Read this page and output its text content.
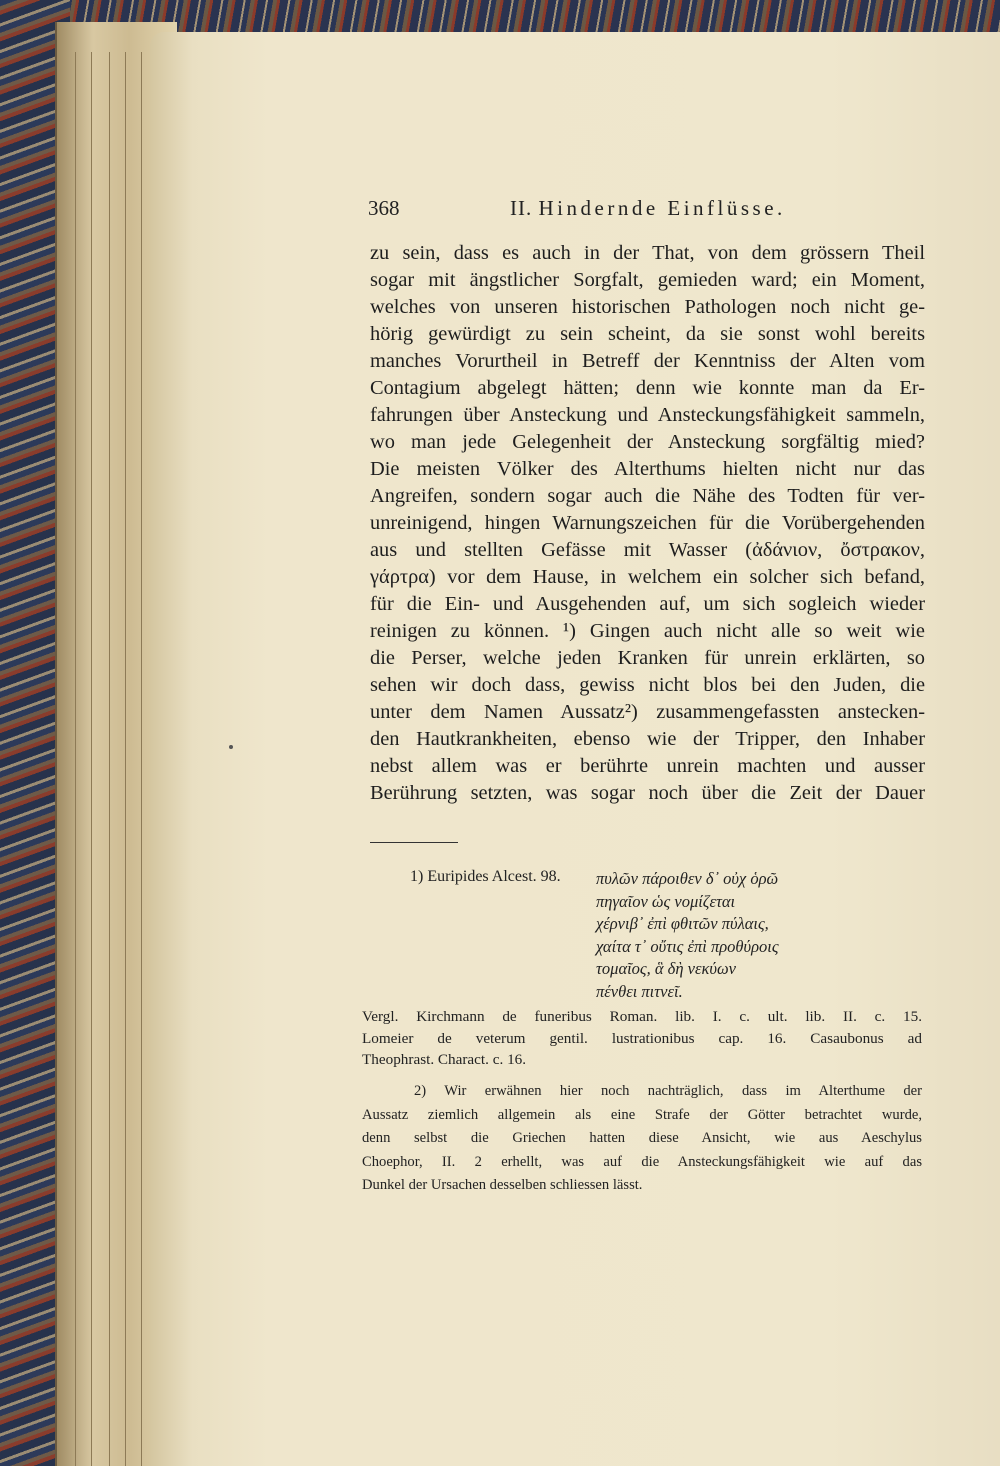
368	II. Hindernde Einflüsse.
zu sein, dass es auch in der That, von dem grössern Theil
sogar mit ängstlicher Sorgfalt, gemieden ward; ein Moment,
welches von unseren historischen Pathologen noch nicht ge-
hörig gewürdigt zu sein scheint, da sie sonst wohl bereits
manches Vorurtheil in Betreff der Kenntniss der Alten vom
Contagium abgelegt hätten; denn wie konnte man da Er-
fahrungen über Ansteckung und Ansteckungsfähigkeit sammeln,
wo man jede Gelegenheit der Ansteckung sorgfältig mied?
Die meisten Völker des Alterthums hielten nicht nur das
Angreifen, sondern sogar auch die Nähe des Todten für ver-
unreinigend, hingen Warnungszeichen für die Vorübergehenden
aus und stellten Gefässe mit Wasser (ἀδάνιον, ὄστρακον,
γάρτρα) vor dem Hause, in welchem ein solcher sich befand,
für die Ein- und Ausgehenden auf, um sich sogleich wieder
reinigen zu können. ¹) Gingen auch nicht alle so weit wie
die Perser, welche jeden Kranken für unrein erklärten, so
sehen wir doch dass, gewiss nicht blos bei den Juden, die
unter dem Namen Aussatz²) zusammengefassten anstecken-
den Hautkrankheiten, ebenso wie der Tripper, den Inhaber
nebst allem was er berührte unrein machten und ausser
Berührung setzten, was sogar noch über die Zeit der Dauer
1) Euripides Alcest. 98. πυλῶν πάροιθεν δ᾽ οὐχ ὁρῶ
πηγαῖον ὡς νομίζεται
χέρνιβ᾽ ἐπὶ φθιτῶν πύλαις,
χαίτα τ᾽ οὔτις ἐπὶ προθύροις
τομαῖος, ἃ δὴ νεκύων
πένθει πιτνεῖ.
Vergl. Kirchmann de funeribus Roman. lib. I. c. ult. lib. II. c. 15.
Lomeier de veterum gentil. lustrationibus cap. 16. Casaubonus ad
Theophrast. Charact. c. 16.
2) Wir erwähnen hier noch nachträglich, dass im Alterthume der
Aussatz ziemlich allgemein als eine Strafe der Götter betrachtet wurde,
denn selbst die Griechen hatten diese Ansicht, wie aus Aeschylus
Choephor, II. 2 erhellt, was auf die Ansteckungsfähigkeit wie auf das
Dunkel der Ursachen desselben schliessen lässt.
